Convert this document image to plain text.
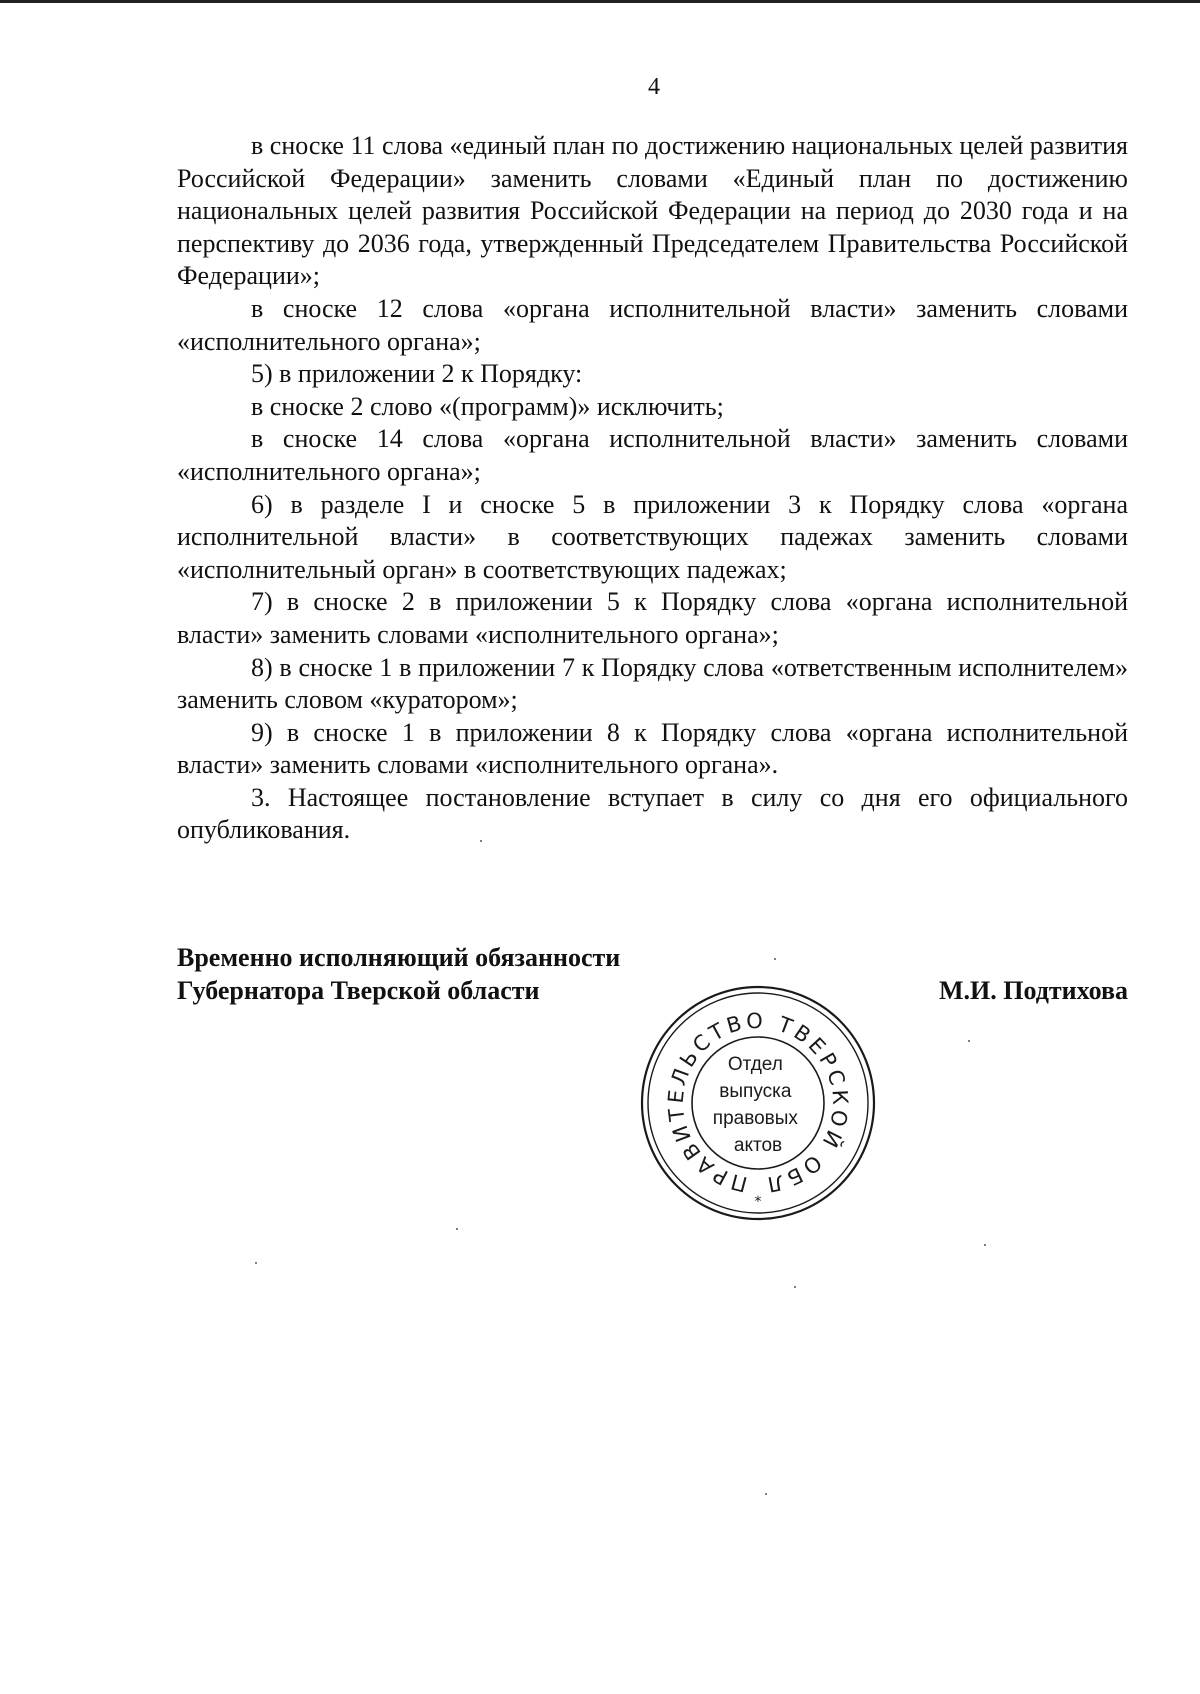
4

в сноске 11 слова «единый план по достижению национальных целей развития Российской Федерации» заменить словами «Единый план по достижению национальных целей развития Российской Федерации на период до 2030 года и на перспективу до 2036 года, утвержденный Председателем Правительства Российской Федерации»;

в сноске 12 слова «органа исполнительной власти» заменить словами «исполнительного органа»;

5) в приложении 2 к Порядку:

в сноске 2 слово «(программ)» исключить;

в сноске 14 слова «органа исполнительной власти» заменить словами «исполнительного органа»;

6) в разделе I и сноске 5 в приложении 3 к Порядку слова «органа исполнительной власти» в соответствующих падежах заменить словами «исполнительный орган» в соответствующих падежах;

7) в сноске 2 в приложении 5 к Порядку слова «органа исполнительной власти» заменить словами «исполнительного органа»;

8) в сноске 1 в приложении 7 к Порядку слова «ответственным исполнителем» заменить словом «куратором»;

9) в сноске 1 в приложении 8 к Порядку слова «органа исполнительной власти» заменить словами «исполнительного органа».

3. Настоящее постановление вступает в силу со дня его официального опубликования.

Временно исполняющий обязанности
Губернатора Тверской области	М.И. Подтихова
ПРАВИТЕЛЬСТВО ТВЕРСКОЙ ОБЛ
*
Отдел выпуска правовых актов
